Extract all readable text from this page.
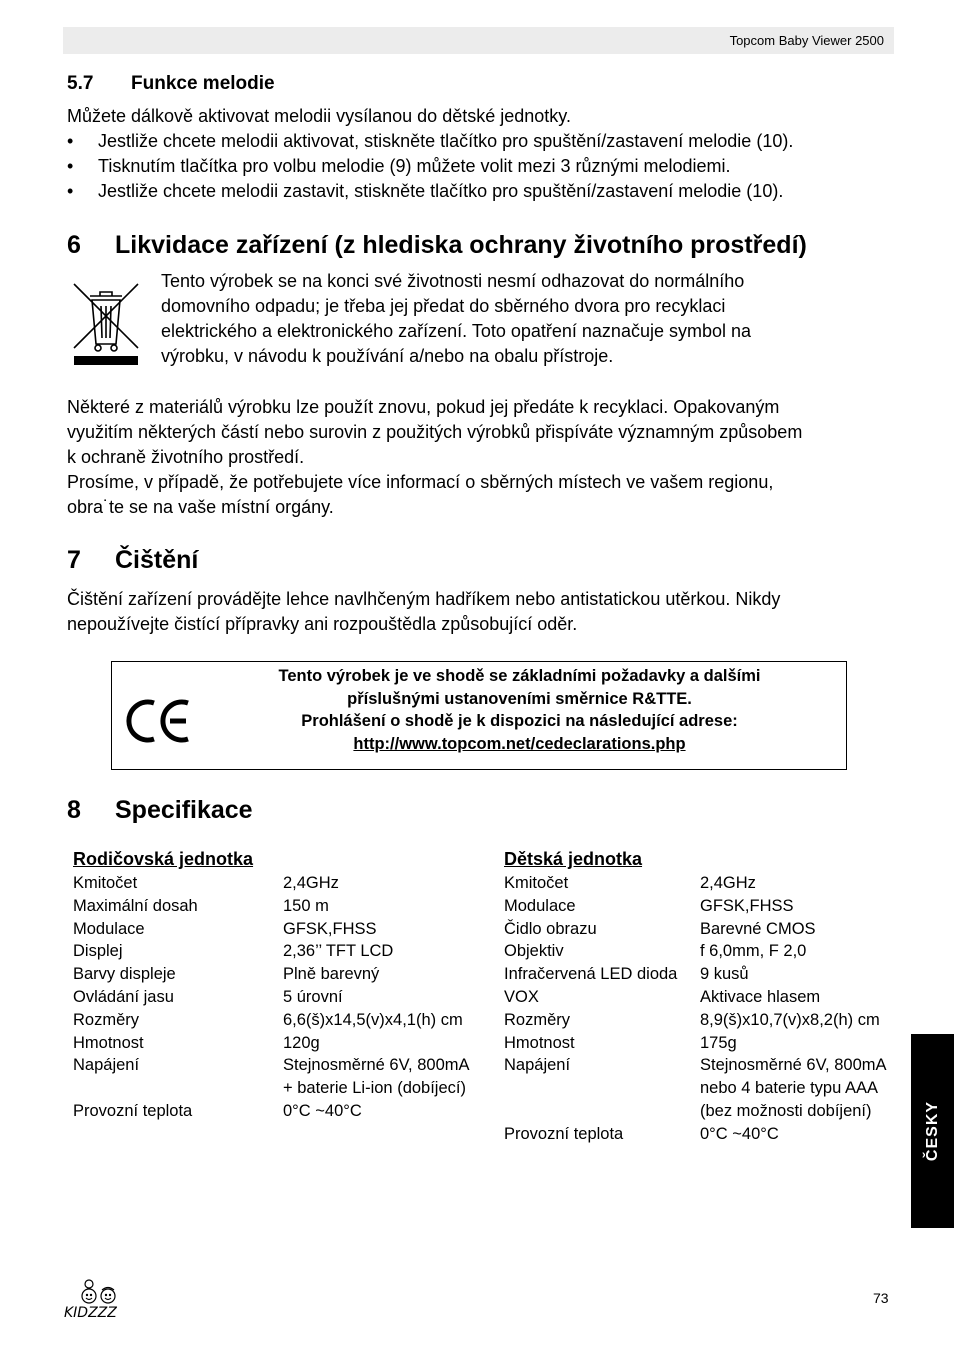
Topcom Baby Viewer 2500
5.7 Funkce melodie
Můžete dálkově aktivovat melodii vysílanou do dětské jednotky.
• Jestliže chcete melodii aktivovat, stiskněte tlačítko pro spuštění/zastavení melodie (10).
• Tisknutím tlačítka pro volbu melodie (9) můžete volit mezi 3 různými melodiemi.
• Jestliže chcete melodii zastavit, stiskněte tlačítko pro spuštění/zastavení melodie (10).
6 Likvidace zařízení (z hlediska ochrany životního prostředí)
Tento výrobek se na konci své životnosti nesmí odhazovat do normálního
domovního odpadu; je třeba jej předat do sběrného dvora pro recyklaci
elektrického a elektronického zařízení. Toto opatření naznačuje symbol na
výrobku, v návodu k používání a/nebo na obalu přístroje.
Některé z materiálů výrobku lze použít znovu, pokud jej předáte k recyklaci. Opakovaným
využitím některých částí nebo surovin z použitých výrobků přispíváte významným způsobem
k ochraně životního prostředí.
Prosíme, v případě, že potřebujete více informací o sběrných místech ve vašem regionu,
obra˙te se na vaše místní orgány.
7 Čištění
Čištění zařízení provádějte lehce navlhčeným hadříkem nebo antistatickou utěrkou. Nikdy
nepoužívejte čistící přípravky ani rozpouštědla způsobující oděr.
Tento výrobek je ve shodě se základními požadavky a dalšími
příslušnými ustanoveními směrnice R&TTE.
Prohlášení o shodě je k dispozici na následující adrese:
http://www.topcom.net/cedeclarations.php
8 Specifikace
Rodičovská jednotka
Kmitočet	2,4GHz
Maximální dosah	150 m
Modulace	GFSK,FHSS
Displej	2,36’’ TFT LCD
Barvy displeje	Plně barevný
Ovládání jasu	5 úrovní
Rozměry	6,6(š)x14,5(v)x4,1(h) cm
Hmotnost	120g
Napájení	Stejnosměrné 6V, 800mA
+ baterie Li-ion (dobíjecí)
Provozní teplota	0°C ~40°C
Dětská jednotka
Kmitočet	2,4GHz
Modulace	GFSK,FHSS
Čidlo obrazu	Barevné CMOS
Objektiv	f 6,0mm, F 2,0
Infračervená LED dioda	9 kusů
VOX	Aktivace hlasem
Rozměry	8,9(š)x10,7(v)x8,2(h) cm
Hmotnost	175g
Napájení	Stejnosměrné 6V, 800mA
nebo 4 baterie typu AAA
(bez možnosti dobíjení)
Provozní teplota	0°C ~40°C	ČESKY
KIDZZZ
73
